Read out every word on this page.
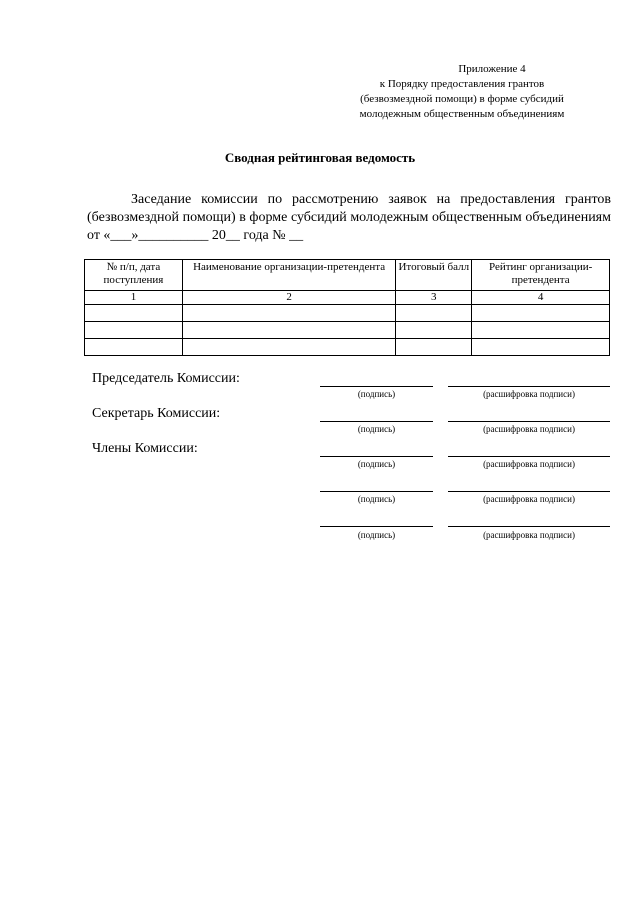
Приложение 4
к Порядку предоставления грантов
(безвозмездной помощи) в форме субсидий
молодежным общественным объединениям
Сводная рейтинговая ведомость
Заседание комиссии по рассмотрению заявок на предоставления грантов (безвозмездной помощи) в форме субсидий молодежным общественным объединениям от «___»__________ 20__ года № __
№ п/п, дата поступления	Наименование организации-претендента	Итоговый балл	Рейтинг организации-претендента
1	2	3	4

Председатель Комиссии:
Секретарь Комиссии:
Члены Комиссии:
(подпись)	(расшифровка подписи)
(подпись)	(расшифровка подписи)
(подпись)	(расшифровка подписи)
(подпись)	(расшифровка подписи)
(подпись)	(расшифровка подписи)
